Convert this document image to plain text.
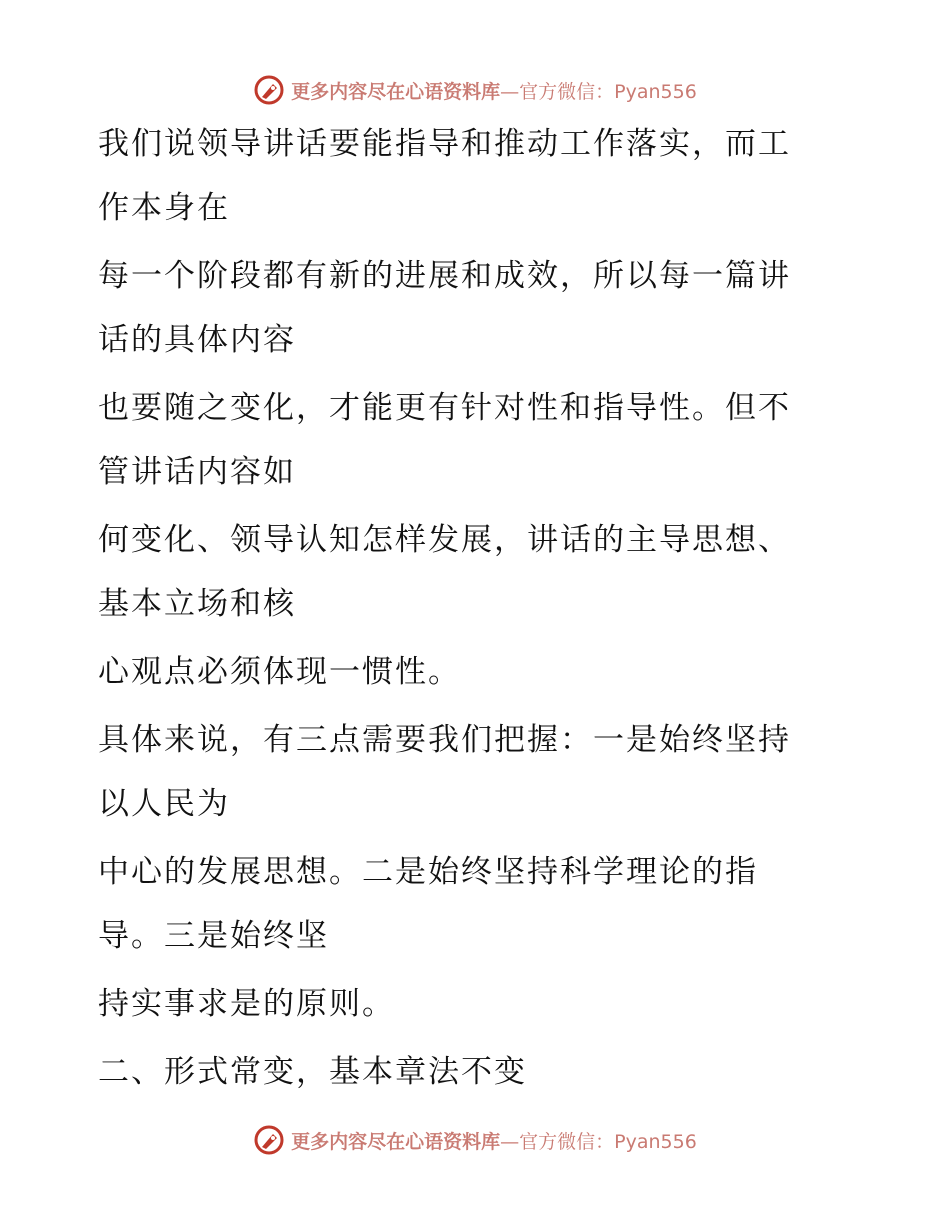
更多内容尽在心语资料库—官方微信：Pyan556

我们说领导讲话要能指导和推动工作落实，而工

作本身在

每一个阶段都有新的进展和成效，所以每一篇讲

话的具体内容

也要随之变化，才能更有针对性和指导性。但不

管讲话内容如

何变化、领导认知怎样发展，讲话的主导思想、

基本立场和核

心观点必须体现一惯性。

具体来说，有三点需要我们把握：一是始终坚持

以人民为

中心的发展思想。二是始终坚持科学理论的指

导。三是始终坚

持实事求是的原则。

二、形式常变，基本章法不变

更多内容尽在心语资料库—官方微信：Pyan556
